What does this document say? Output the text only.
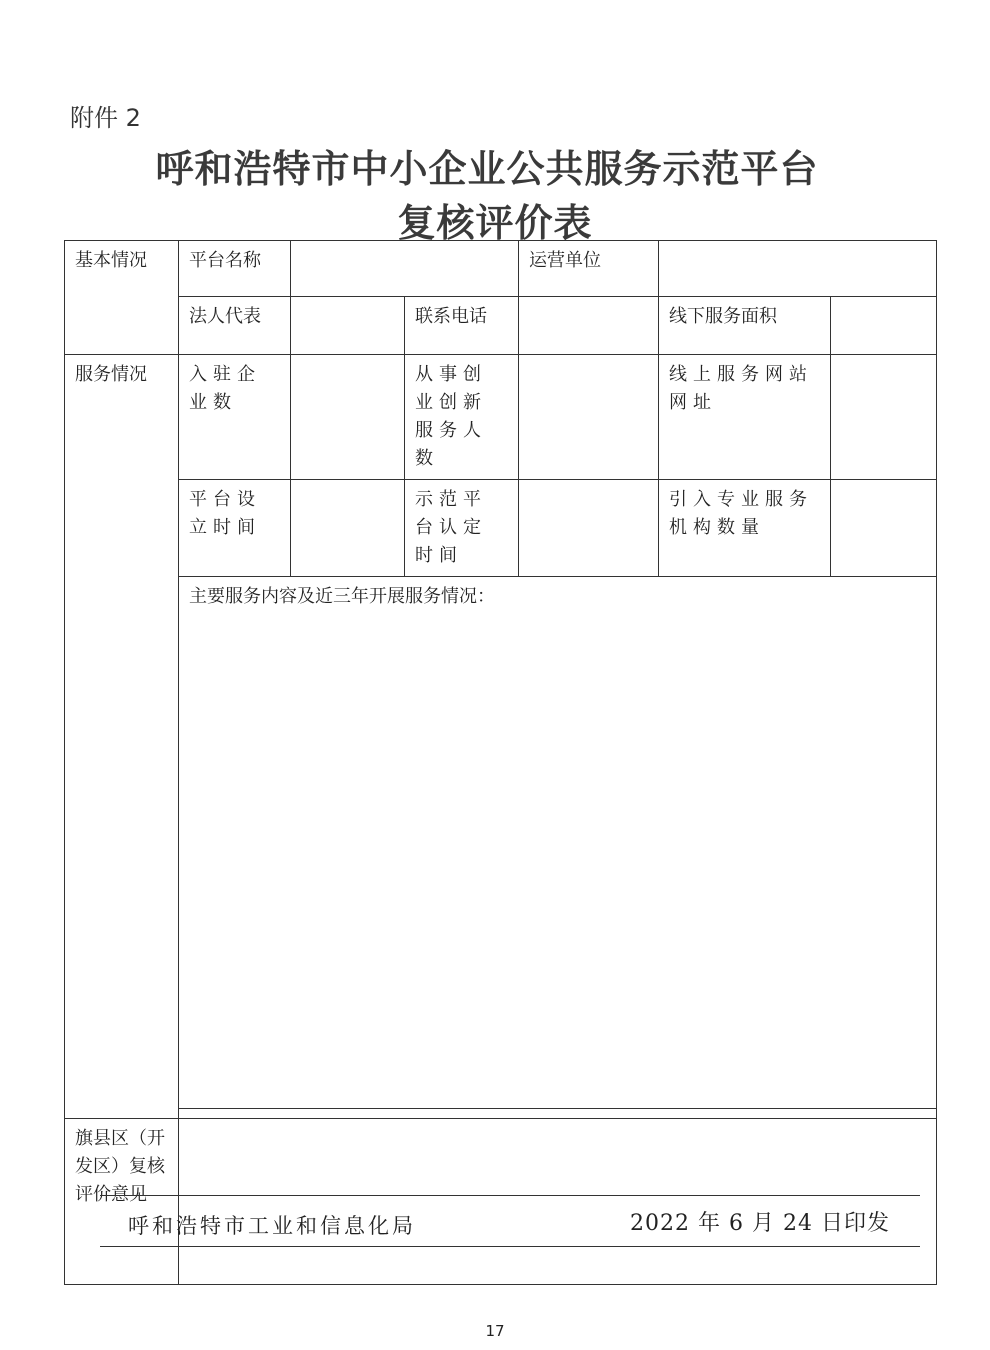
附件 2
呼和浩特市中小企业公共服务示范平台
复核评价表
基本情况	平台名称			运营单位		
	法人代表		联系电话		线下服务面积	
服务情况	入驻企业数		从事创业创新服务人数		线上服务网站网址	
	平台设立时间		示范平台认定时间		引入专业服务机构数量	
	主要服务内容及近三年开展服务情况：					

旗县区（开发区）复核评价意见						
呼和浩特市工业和信息化局	2022 年 6 月 24 日印发
17
